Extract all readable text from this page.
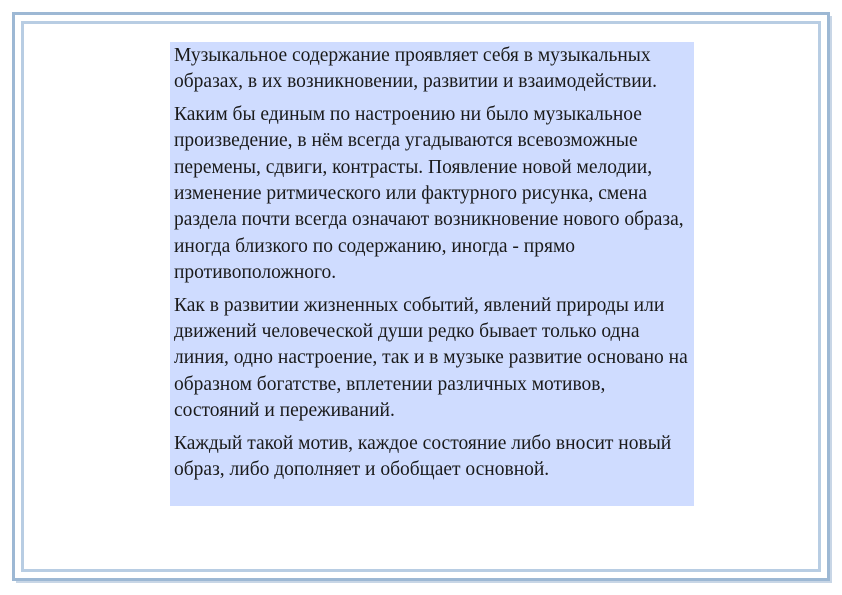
Музыкальное содержание проявляет себя в музыкальных образах, в их возникновении, развитии и взаимодействии.

Каким бы единым по настроению ни было музыкальное произведение, в нём всегда угадываются всевозможные перемены, сдвиги, контрасты. Появление новой мелодии, изменение ритмического или фактурного рисунка, смена раздела почти всегда означают возникновение нового образа, иногда близкого по содержанию, иногда - прямо противоположного.

Как в развитии жизненных событий, явлений природы или движений человеческой души редко бывает только одна линия, одно настроение, так и в музыке развитие основано на образном богатстве, вплетении различных мотивов, состояний и переживаний.

Каждый такой мотив, каждое состояние либо вносит новый образ, либо дополняет и обобщает основной.
